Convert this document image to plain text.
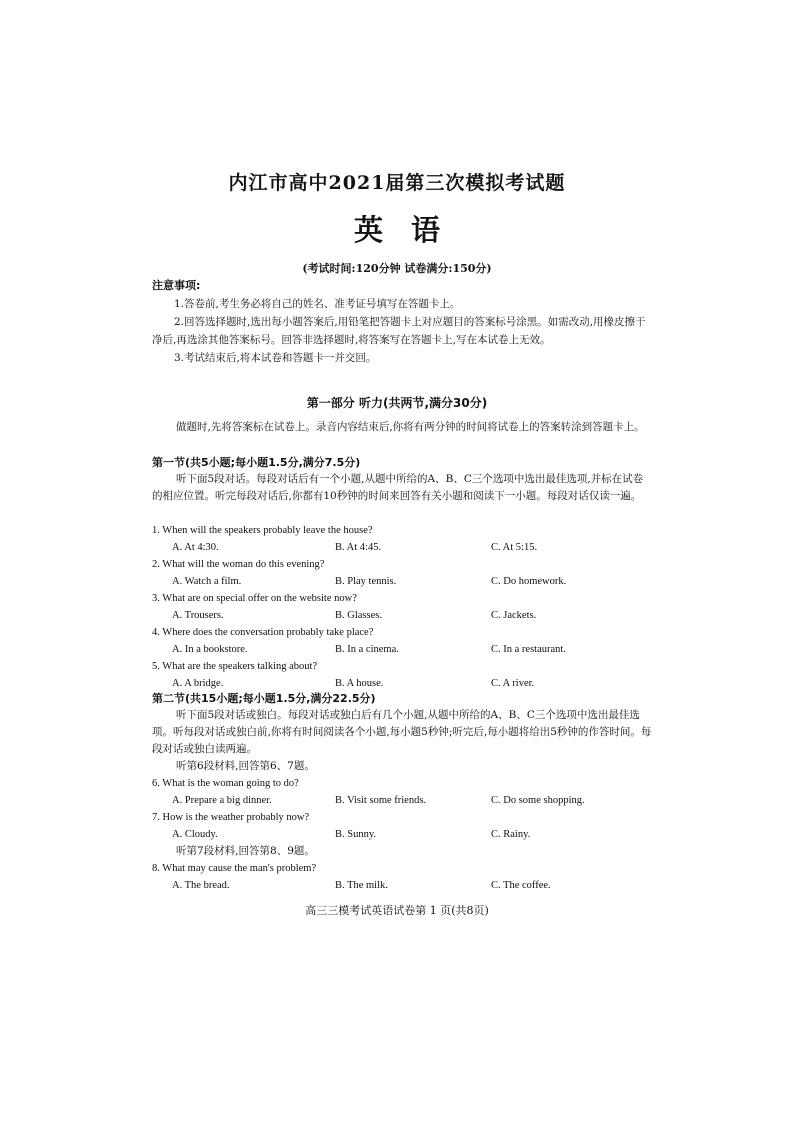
内江市高中2021届第三次模拟考试题
英语
(考试时间:120分钟 试卷满分:150分)
注意事项:
1.答卷前,考生务必将自己的姓名、准考证号填写在答题卡上。
2.回答选择题时,选出每小题答案后,用铅笔把答题卡上对应题目的答案标号涂黑。如需改动,用橡皮擦干净后,再选涂其他答案标号。回答非选择题时,将答案写在答题卡上,写在本试卷上无效。
3.考试结束后,将本试卷和答题卡一并交回。
第一部分 听力(共两节,满分30分)

做题时,先将答案标在试卷上。录音内容结束后,你将有两分钟的时间将试卷上的答案转涂到答题卡上。

第一节(共5小题;每小题1.5分,满分7.5分)
听下面5段对话。每段对话后有一个小题,从题中所给的A、B、C三个选项中选出最佳选项,并标在试卷的相应位置。听完每段对话后,你都有10秒钟的时间来回答有关小题和阅读下一小题。每段对话仅读一遍。
1. When will the speakers probably leave the house?
A. At 4:30.	B. At 4:45.	C. At 5:15.
2. What will the woman do this evening?
A. Watch a film.	B. Play tennis.	C. Do homework.
3. What are on special offer on the website now?
A. Trousers.	B. Glasses.	C. Jackets.
4. Where does the conversation probably take place?
A. In a bookstore.	B. In a cinema.	C. In a restaurant.
5. What are the speakers talking about?
A. A bridge.	B. A house.	C. A river.
第二节(共15小题;每小题1.5分,满分22.5分)
听下面5段对话或独白。每段对话或独白后有几个小题,从题中所给的A、B、C三个选项中选出最佳选项。听每段对话或独白前,你将有时间阅读各个小题,每小题5秒钟;听完后,每小题将给出5秒钟的作答时间。每段对话或独白读两遍。
听第6段材料,回答第6、7题。
6. What is the woman going to do?
A. Prepare a big dinner.	B. Visit some friends.	C. Do some shopping.
7. How is the weather probably now?
A. Cloudy.	B. Sunny.	C. Rainy.
听第7段材料,回答第8、9题。
8. What may cause the man's problem?
A. The bread.	B. The milk.	C. The coffee.
高三三模考试英语试卷第 1 页(共8页)
